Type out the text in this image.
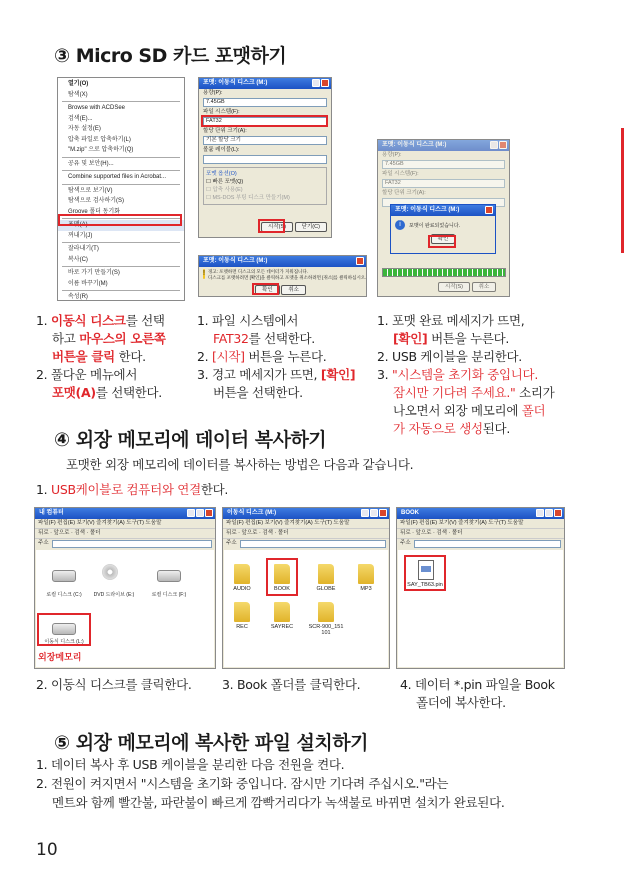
③ Micro SD 카드 포맷하기
열기(O)
탐색(X)
Browse with ACDSee
검색(E)...
자동 설정(E)
압축 파일로 압축하기(L)
"M.zip" 으로 압축하기(Q)
공유 및 보안(H)...
Combine supported files in Acrobat...
탐색으로 보기(V)
탐색으로 검사하기(S)
Groove 폴더 동기화
포맷(A)...
꺼내기(J)
잘라내기(T)
복사(C)
바로 가기 만들기(S)
이름 바꾸기(M)
속성(R)
포맷: 이동식 디스크 (M:)
용량(P):
7.45GB
파일 시스템(F):
FAT32
할당 단위 크기(A):
기본 할당 크기
볼륨 레이블(L):
포맷 옵션(O)
☐ 빠른 포맷(Q)
☐ 압축 사용(E)
☐ MS-DOS 부팅 디스크 만들기(M)
시작(S)	닫기(C)
포맷: 이동식 디스크 (M:)
! 경고: 포맷하면 디스크의 모든 데이터가 지워집니다.
디스크를 포맷하려면 [확인]을 클릭하고 포맷을 취소하려면 [취소]를 클릭하십시오.
확인	취소
포맷: 이동식 디스크 (M:)
용량(P):
7.45GB
파일 시스템(F):
FAT32
할당 단위 크기(A):
포맷: 이동식 디스크 (M:)
i	포맷이 완료되었습니다.
확인
시작(S)	취소
1. 이동식 디스크를 선택
하고 마우스의 오른쪽
버튼을 클릭 한다.
2. 풀다운 메뉴에서
포맷(A)를 선택한다.
1. 파일 시스템에서
FAT32를 선택한다.
2. [시작] 버튼을 누른다.
3. 경고 메세지가 뜨면, [확인]
버튼을 선택한다.
1. 포맷 완료 메세지가 뜨면,
[확인] 버튼을 누른다.
2. USB 케이블을 분리한다.
3. "시스템을 초기화 중입니다.
잠시만 기다려 주세요." 소리가
나오면서 외장 메모리에 폴더
가 자동으로 생성된다.
④ 외장 메모리에 데이터 복사하기
포맷한 외장 메모리에 데이터를 복사하는 방법은 다음과 같습니다.
1. USB케이블로 컴퓨터와 연결한다.
내 컴퓨터
파일(F) 편집(E) 보기(V) 즐겨찾기(A) 도구(T) 도움말
뒤로 · 앞으로 · 검색 · 폴더
주소
로컬 디스크 (C:)	DVD 드라이브 (E:)	로컬 디스크 (F:)
이동식 디스크 (L:)
외장메모리
이동식 디스크 (M:)
파일(F) 편집(E) 보기(V) 즐겨찾기(A) 도구(T) 도움말
뒤로 · 앞으로 · 검색 · 폴더
주소
AUDIO	BOOK	GLOBE	MP3
REC	SAYREC	SCR-900_151101
BOOK
파일(F) 편집(E) 보기(V) 즐겨찾기(A) 도구(T) 도움말
뒤로 · 앞으로 · 검색 · 폴더
주소
SAY_TB63.pin
2. 이동식 디스크를 클릭한다. 3. Book 폴더를 클릭한다.	4. 데이터 *.pin 파일을 Book
폴더에 복사한다.
⑤ 외장 메모리에 복사한 파일 설치하기
1. 데이터 복사 후 USB 케이블을 분리한 다음 전원을 켠다.
2. 전원이 켜지면서 "시스템을 초기화 중입니다. 잠시만 기다려 주십시오."라는
멘트와 함께 빨간불, 파란불이 빠르게 깜빡거리다가 녹색불로 바뀌면 설치가 완료된다.
10
